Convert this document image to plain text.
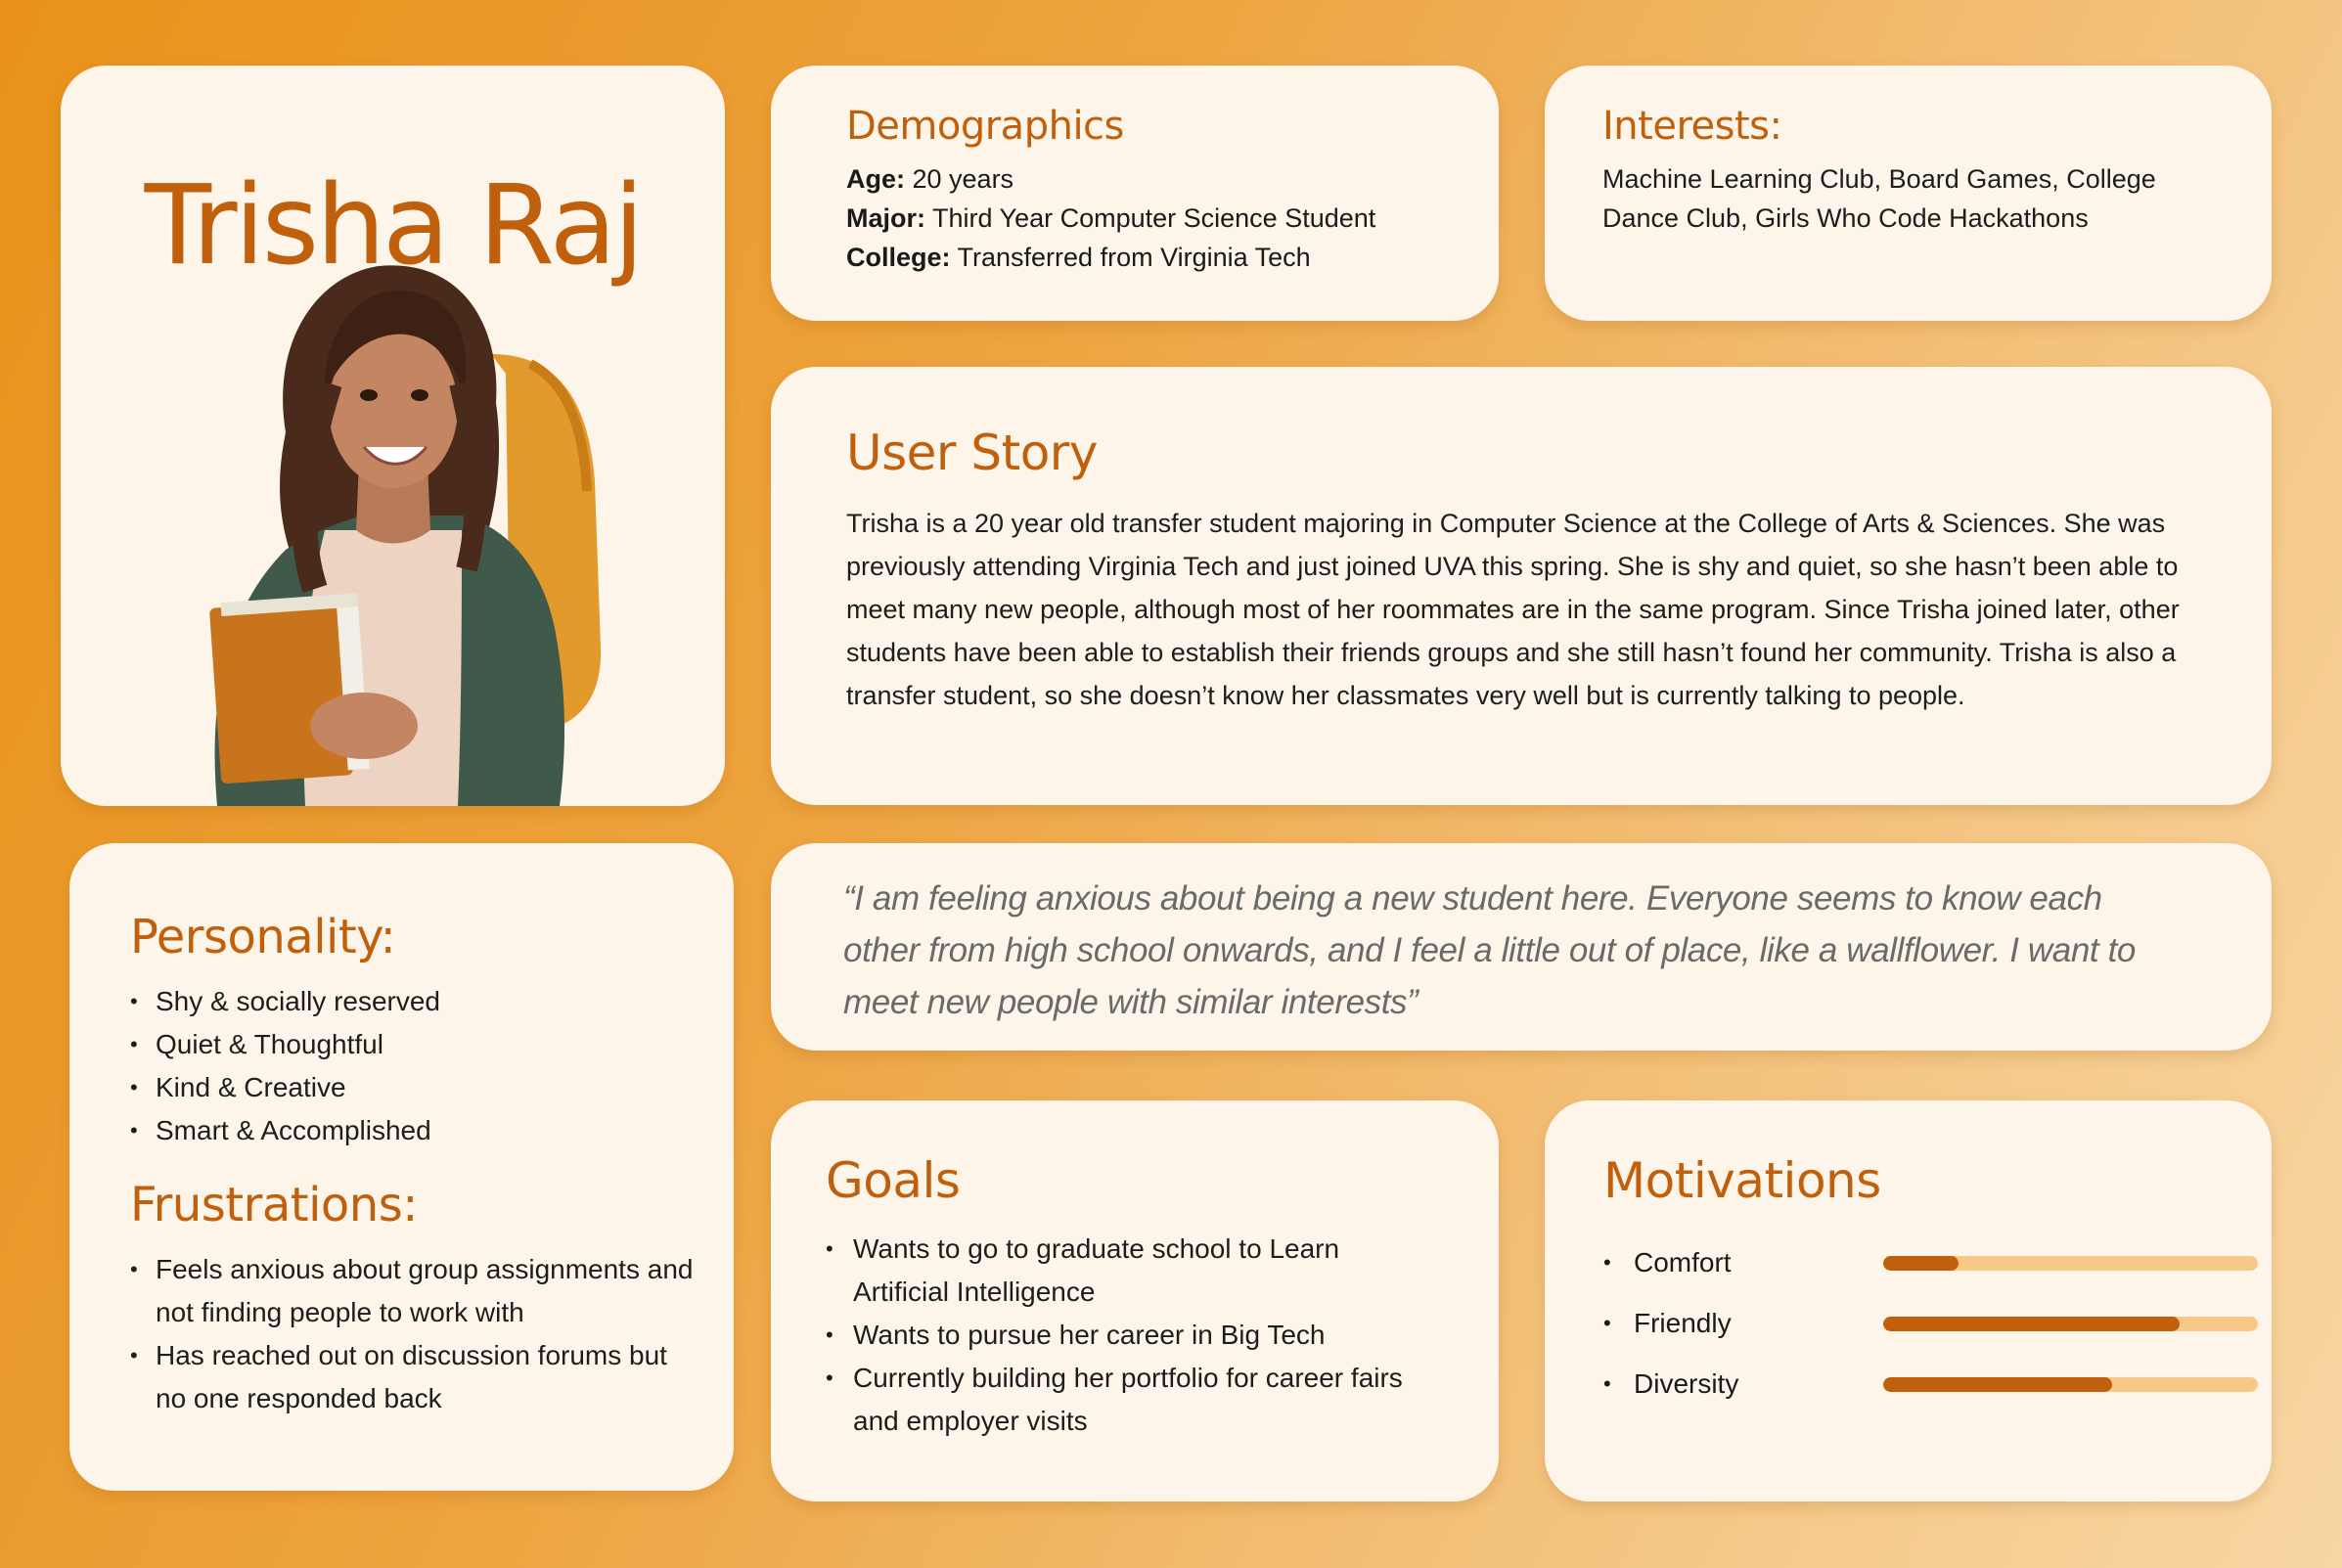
Trisha Raj
Demographics
Age: 20 years
Major: Third Year Computer Science Student
College: Transferred from Virginia Tech
Interests:
Machine Learning Club, Board Games, College Dance Club, Girls Who Code Hackathons
User Story
Trisha is a 20 year old transfer student majoring in Computer Science at the College of Arts & Sciences. She was previously attending Virginia Tech and just joined UVA this spring. She is shy and quiet, so she hasn’t been able to meet many new people, although most of her roommates are in the same program. Since Trisha joined later, other students have been able to establish their friends groups and she still hasn’t found her community. Trisha is also a transfer student, so she doesn’t know her classmates very well but is currently talking to people.
Personality:
• Shy & socially reserved
• Quiet & Thoughtful
• Kind & Creative
• Smart & Accomplished
Frustrations:
• Feels anxious about group assignments and not finding people to work with
• Has reached out on discussion forums but no one responded back

“I am feeling anxious about being a new student here. Everyone seems to know each other from high school onwards, and I feel a little out of place, like a wallflower. I want to meet new people with similar interests”

Goals
• Wants to go to graduate school to Learn Artificial Intelligence
• Wants to pursue her career in Big Tech
• Currently building her portfolio for career fairs and employer visits
Motivations
• Comfort
• Friendly
• Diversity
